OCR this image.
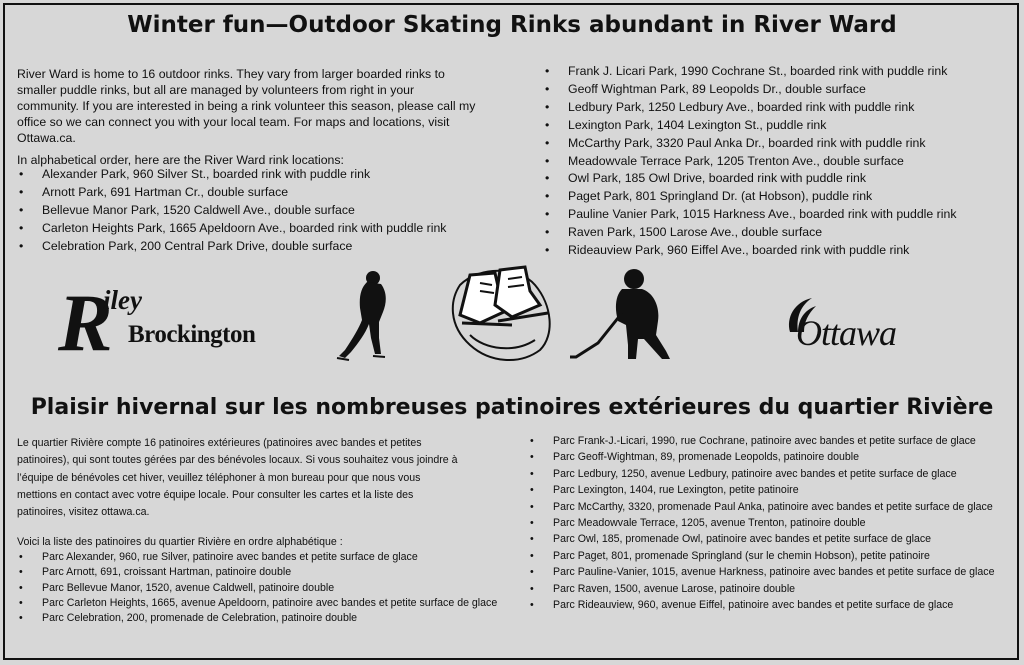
Winter fun—Outdoor Skating Rinks abundant in River Ward
River Ward is home to 16 outdoor rinks. They vary from larger boarded rinks to
smaller puddle rinks, but all are managed by volunteers from right in your
community. If you are interested in being a rink volunteer this season, please call my
office so we can connect you with your local team. For maps and locations, visit
Ottawa.ca.
In alphabetical order, here are the River Ward rink locations:
• Alexander Park, 960 Silver St., boarded rink with puddle rink
• Arnott Park, 691 Hartman Cr., double surface
• Bellevue Manor Park, 1520 Caldwell Ave., double surface
• Carleton Heights Park, 1665 Apeldoorn Ave., boarded rink with puddle rink
• Celebration Park, 200 Central Park Drive, double surface
• Frank J. Licari Park, 1990 Cochrane St., boarded rink with puddle rink
• Geoff Wightman Park, 89 Leopolds Dr., double surface
• Ledbury Park, 1250 Ledbury Ave., boarded rink with puddle rink
• Lexington Park, 1404 Lexington St., puddle rink
• McCarthy Park, 3320 Paul Anka Dr., boarded rink with puddle rink
• Meadowvale Terrace Park, 1205 Trenton Ave., double surface
• Owl Park, 185 Owl Drive, boarded rink with puddle rink
• Paget Park, 801 Springland Dr. (at Hobson), puddle rink
• Pauline Vanier Park, 1015 Harkness Ave., boarded rink with puddle rink
• Raven Park, 1500 Larose Ave., double surface
• Rideauview Park, 960 Eiffel Ave., boarded rink with puddle rink
R
iley
Brockington	Ottawa
Plaisir hivernal sur les nombreuses patinoires extérieures du quartier Rivière
Le quartier Rivière compte 16 patinoires extérieures (patinoires avec bandes et petites
patinoires), qui sont toutes gérées par des bénévoles locaux. Si vous souhaitez vous joindre à
l’équipe de bénévoles cet hiver, veuillez téléphoner à mon bureau pour que nous vous
mettions en contact avec votre équipe locale. Pour consulter les cartes et la liste des
patinoires, visitez ottawa.ca.
Voici la liste des patinoires du quartier Rivière en ordre alphabétique :
• Parc Alexander, 960, rue Silver, patinoire avec bandes et petite surface de glace
• Parc Arnott, 691, croissant Hartman, patinoire double
• Parc Bellevue Manor, 1520, avenue Caldwell, patinoire double
• Parc Carleton Heights, 1665, avenue Apeldoorn, patinoire avec bandes et petite surface de glace
• Parc Celebration, 200, promenade de Celebration, patinoire double
• Parc Frank-J.-Licari, 1990, rue Cochrane, patinoire avec bandes et petite surface de glace
• Parc Geoff-Wightman, 89, promenade Leopolds, patinoire double
• Parc Ledbury, 1250, avenue Ledbury, patinoire avec bandes et petite surface de glace
• Parc Lexington, 1404, rue Lexington, petite patinoire
• Parc McCarthy, 3320, promenade Paul Anka, patinoire avec bandes et petite surface de glace
• Parc Meadowvale Terrace, 1205, avenue Trenton, patinoire double
• Parc Owl, 185, promenade Owl, patinoire avec bandes et petite surface de glace
• Parc Paget, 801, promenade Springland (sur le chemin Hobson), petite patinoire
• Parc Pauline-Vanier, 1015, avenue Harkness, patinoire avec bandes et petite surface de glace
• Parc Raven, 1500, avenue Larose, patinoire double
• Parc Rideauview, 960, avenue Eiffel, patinoire avec bandes et petite surface de glace
